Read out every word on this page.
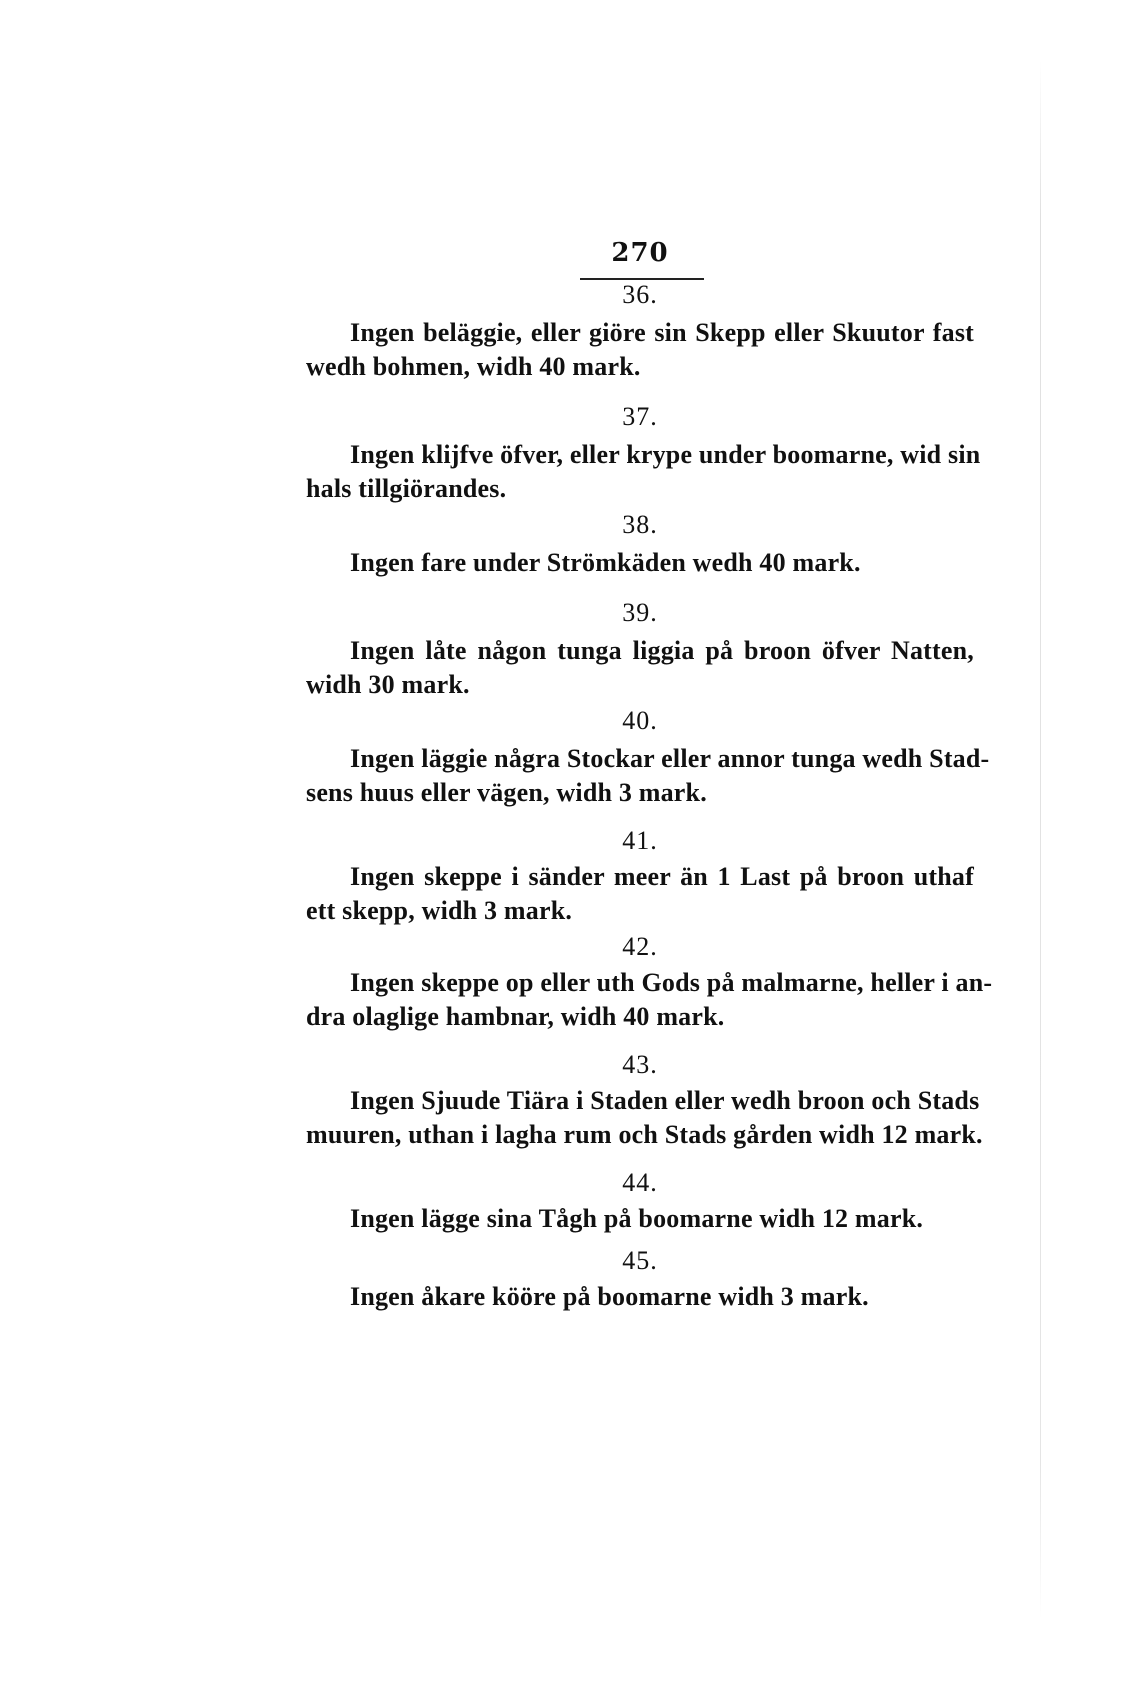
270
36.
Ingen beläggie, eller giöre sin Skepp eller Skuutor fast
wedh bohmen, widh 40 mark.
37.
Ingen klijfve öfver, eller krype under boomarne, wid sin
hals tillgiörandes.
38.
Ingen fare under Strömkäden wedh 40 mark.
39.
Ingen låte någon tunga liggia på broon öfver Natten,
widh 30 mark.
40.
Ingen läggie några Stockar eller annor tunga wedh Stad-
sens huus eller vägen, widh 3 mark.
41.
Ingen skeppe i sänder meer än 1 Last på broon uthaf
ett skepp, widh 3 mark.
42.
Ingen skeppe op eller uth Gods på malmarne, heller i an-
dra olaglige hambnar, widh 40 mark.
43.
Ingen Sjuude Tiära i Staden eller wedh broon och Stads
muuren, uthan i lagha rum och Stads gården widh 12 mark.
44.
Ingen lägge sina Tågh på boomarne widh 12 mark.
45.
Ingen åkare kööre på boomarne widh 3 mark.
